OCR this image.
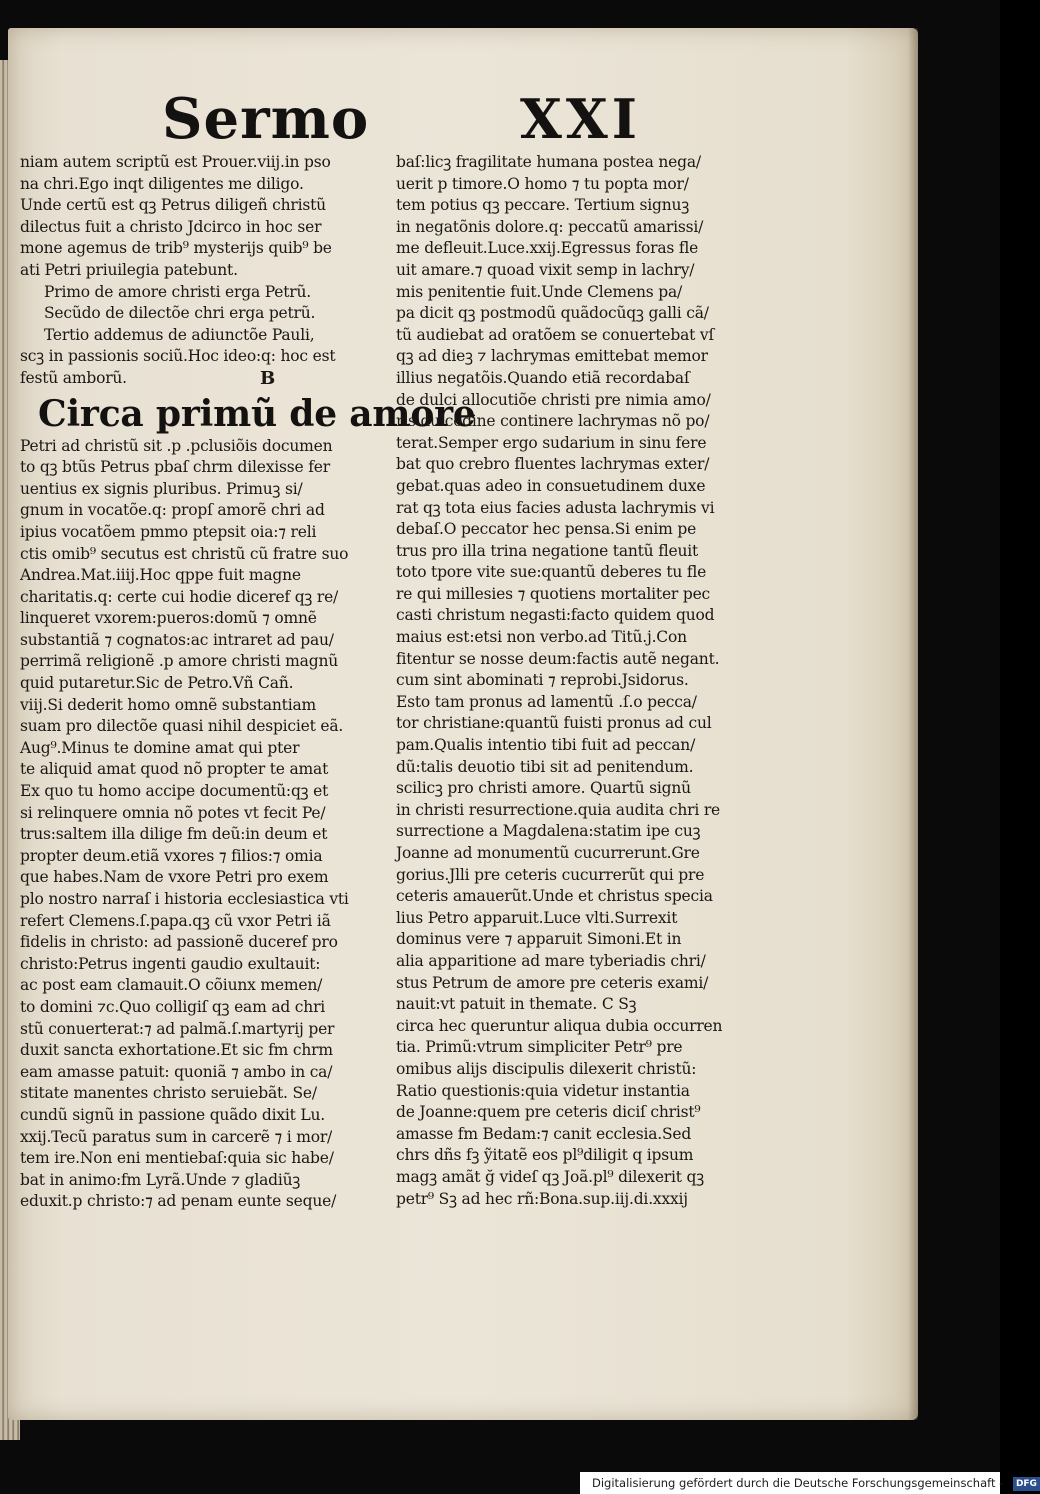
Sermo	XXI
niam autem scriptũ est Prouer.viij.in pso
na chri.Ego inqt diligentes me diligo.
Unde certũ est qꝫ Petrus diligeñ christũ
dilectus fuit a christo Jdcirco in hoc ser
mone agemus de trib⁹ mysterijs quib⁹ be
ati Petri priuilegia patebunt.
Primo de amore christi erga Petrũ.
Secũdo de dilectõe chri erga petrũ.
Tertio addemus de adiunctõe Pauli,
scꝫ in passionis sociũ.Hoc ideo:q: hoc est
festũ amborũ.	B
Circa primũ de amore
Petri ad christũ sit .p .pclusiõis documen
to qꝫ btũs Petrus pbaſ chrm dilexisse fer
uentius ex signis pluribus. Primuꝫ si/
gnum in vocatõe.q: propſ amorẽ chri ad
ipius vocatõem pmmo ptepsit oia:⁊ reli
ctis omib⁹ secutus est christũ cũ fratre suo
Andrea.Mat.iiij.Hoc qppe fuit magne
charitatis.q: certe cui hodie diceref qꝫ re/
linqueret vxorem:pueros:domũ ⁊ omnẽ
substantiã ⁊ cognatos:ac intraret ad pau/
perrimã religionẽ .p amore christi magnũ
quid putaretur.Sic de Petro.Vñ Cañ.
viij.Si dederit homo omnẽ substantiam
suam pro dilectõe quasi nihil despiciet eã.
Aug⁹.Minus te domine amat qui pter
te aliquid amat quod nõ propter te amat
Ex quo tu homo accipe documentũ:qꝫ et
si relinquere omnia nõ potes vt fecit Pe/
trus:saltem illa dilige fm deũ:in deum et
propter deum.etiã vxores ⁊ filios:⁊ omia
que habes.Nam de vxore Petri pro exem
plo nostro narraſ i historia ecclesiastica vti
refert Clemens.ſ.papa.qꝫ cũ vxor Petri iã
fidelis in christo: ad passionẽ duceref pro
christo:Petrus ingenti gaudio exultauit:
ac post eam clamauit.O cõiunx memen/
to domini ⁊c.Quo colligiſ qꝫ eam ad chri
stũ conuerterat:⁊ ad palmã.ſ.martyrij per
duxit sancta exhortatione.Et sic fm chrm
eam amasse patuit: quoniã ⁊ ambo in ca/
stitate manentes christo seruiebãt. Se/
cundũ signũ in passione quãdo dixit Lu.
xxij.Tecũ paratus sum in carcerẽ ⁊ i mor/
tem ire.Non eni mentiebaſ:quia sic habe/
bat in animo:fm Lyrã.Unde ⁊ gladiũꝫ
eduxit.p christo:⁊ ad penam eunte seque/
baſ:licꝫ fragilitate humana postea nega/
uerit p timore.O homo ⁊ tu popta mor/
tem potius qꝫ peccare. Tertium signuꝫ
in negatõnis dolore.q: peccatũ amarissi/
me defleuit.Luce.xxij.Egressus foras fle
uit amare.⁊ quoad vixit semp in lachry/
mis penitentie fuit.Unde Clemens pa/
pa dicit qꝫ postmodũ quãdocũqꝫ galli cã/
tũ audiebat ad oratõem se conuertebat vſ
qꝫ ad dieꝫ ⁊ lachrymas emittebat memor
illius negatõis.Quando etiã recordabaſ
de dulci allocutiõe christi pre nimia amo/
ris dulcedine continere lachrymas nõ po/
terat.Semper ergo sudarium in sinu fere
bat quo crebro fluentes lachrymas exter/
gebat.quas adeo in consuetudinem duxe
rat qꝫ tota eius facies adusta lachrymis vi
debaſ.O peccator hec pensa.Si enim pe
trus pro illa trina negatione tantũ fleuit
toto tpore vite sue:quantũ deberes tu fle
re qui millesies ⁊ quotiens mortaliter pec
casti christum negasti:facto quidem quod
maius est:etsi non verbo.ad Titũ.j.Con
fitentur se nosse deum:factis autẽ negant.
cum sint abominati ⁊ reprobi.Jsidorus.
Esto tam pronus ad lamentũ .ſ.o pecca/
tor christiane:quantũ fuisti pronus ad cul
pam.Qualis intentio tibi fuit ad peccan/
dũ:talis deuotio tibi sit ad penitendum.
scilicꝫ pro christi amore. Quartũ signũ
in christi resurrectione.quia audita chri re
surrectione a Magdalena:statim ipe cuꝫ
Joanne ad monumentũ cucurrerunt.Gre
gorius.Jlli pre ceteris cucurrerũt qui pre
ceteris amauerũt.Unde et christus specia
lius Petro apparuit.Luce vlti.Surrexit
dominus vere ⁊ apparuit Simoni.Et in
alia apparitione ad mare tyberiadis chri/
stus Petrum de amore pre ceteris exami/
nauit:vt patuit in themate. C Sꝫ
circa hec queruntur aliqua dubia occurren
tia. Primũ:vtrum simpliciter Petr⁹ pre
omibus alijs discipulis dilexerit christũ:
Ratio questionis:quia videtur instantia
de Joanne:quem pre ceteris diciſ christ⁹
amasse fm Bedam:⁊ canit ecclesia.Sed
chrs dñs fꝫ ỹitatẽ eos pl⁹diligit q ipsum
magꝫ amãt ğ videſ qꝫ Joã.pl⁹ dilexerit qꝫ
petr⁹ Sꝫ ad hec rñ:Bona.sup.iij.di.xxxij
Digitalisierung gefördert durch die Deutsche Forschungsgemeinschaft - DFG
